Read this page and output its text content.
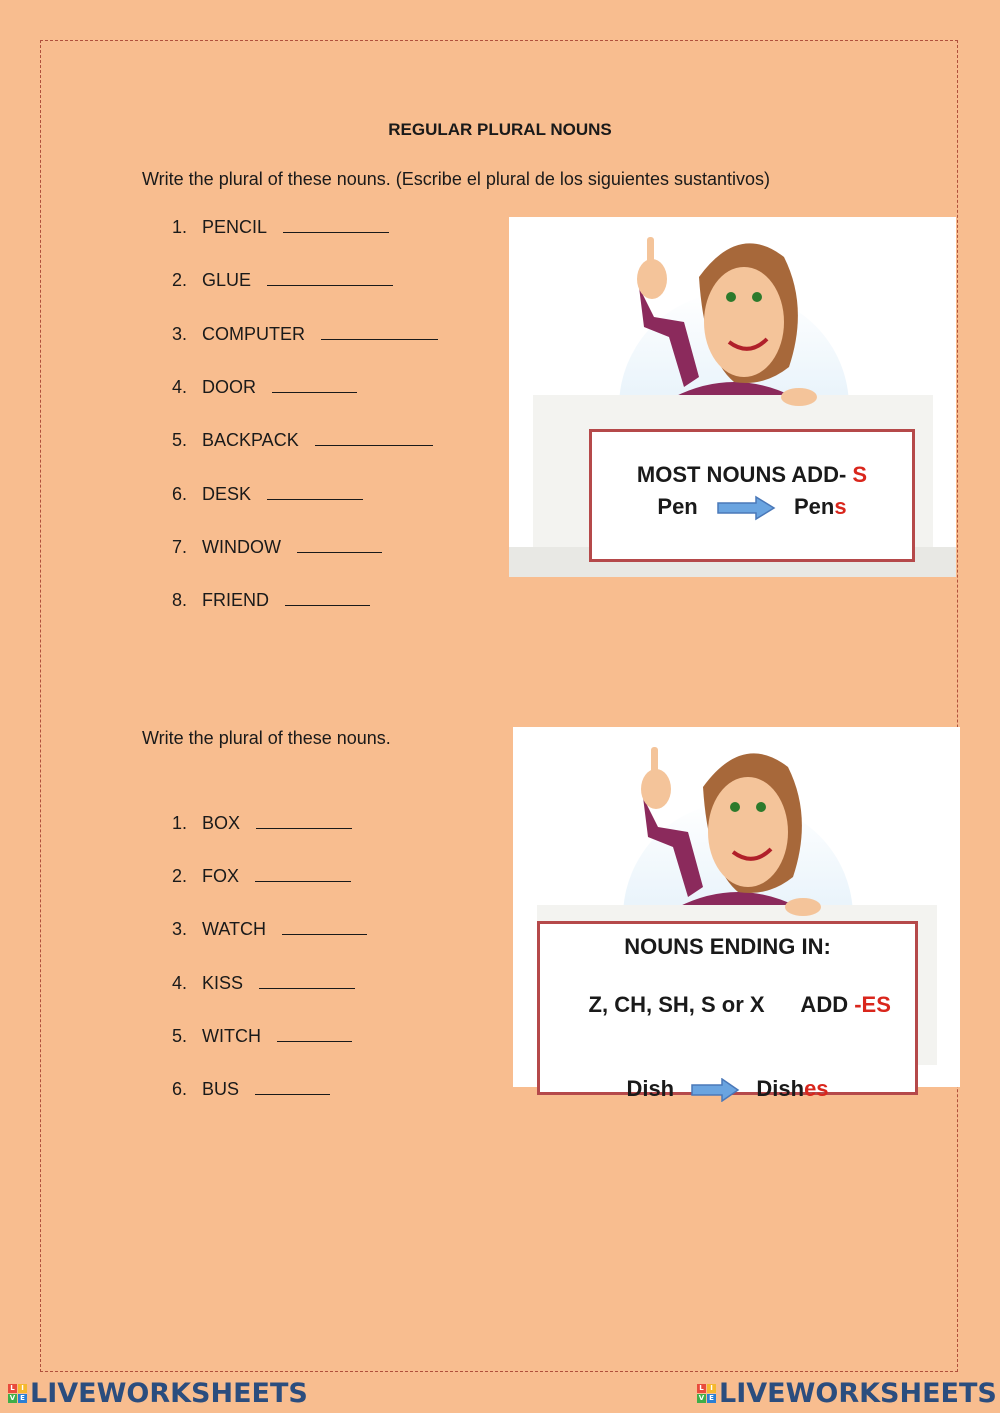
REGULAR PLURAL NOUNS
Write the plural of these nouns. (Escribe el plural de los siguientes sustantivos)
1. PENCIL
2. GLUE
3. COMPUTER
4. DOOR
5. BACKPACK
6. DESK
7. WINDOW
8. FRIEND
MOST NOUNS ADD- S
Pen	Pens
Write the plural of these nouns.
1. BOX
2. FOX
3. WATCH
4. KISS
5. WITCH
6. BUS
NOUNS ENDING IN:

Z, CH, SH, S or X      ADD -ES

Dish	Dishes
L I
V E LIVEWORKSHEETS	L I
V E LIVEWORKSHEETS
